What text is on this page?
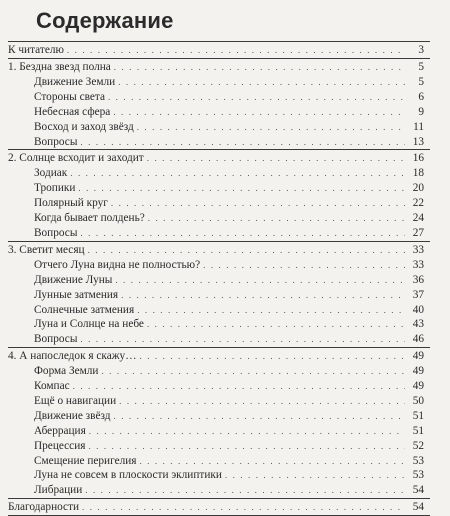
Содержание
К читателю . . .	3
1. Бездна звезд полна . . .	5
Движение Земли . . .	5
Стороны света . . .	6
Небесная сфера . . .	9
Восход и заход звёзд . . .	11
Вопросы . . .	13
2. Солнце всходит и заходит . . .	16
Зодиак . . .	18
Тропики . . .	20
Полярный круг . . .	22
Когда бывает полдень? . . .	24
Вопросы . . .	27
3. Светит месяц . . .	33
Отчего Луна видна не полностью? . . .	33
Движение Луны . . .	36
Лунные затмения . . .	37
Солнечные затмения . . .	40
Луна и Солнце на небе . . .	43
Вопросы . . .	46
4. А напоследок я скажу… . . .	49
Форма Земли . . .	49
Компас . . .	49
Ещё о навигации . . .	50
Движение звёзд . . .	51
Аберрация . . .	51
Прецессия . . .	52
Смещение перигелия . . .	53
Луна не совсем в плоскости эклиптики . . .	53
Либрации . . .	54
Благодарности . . .	54
